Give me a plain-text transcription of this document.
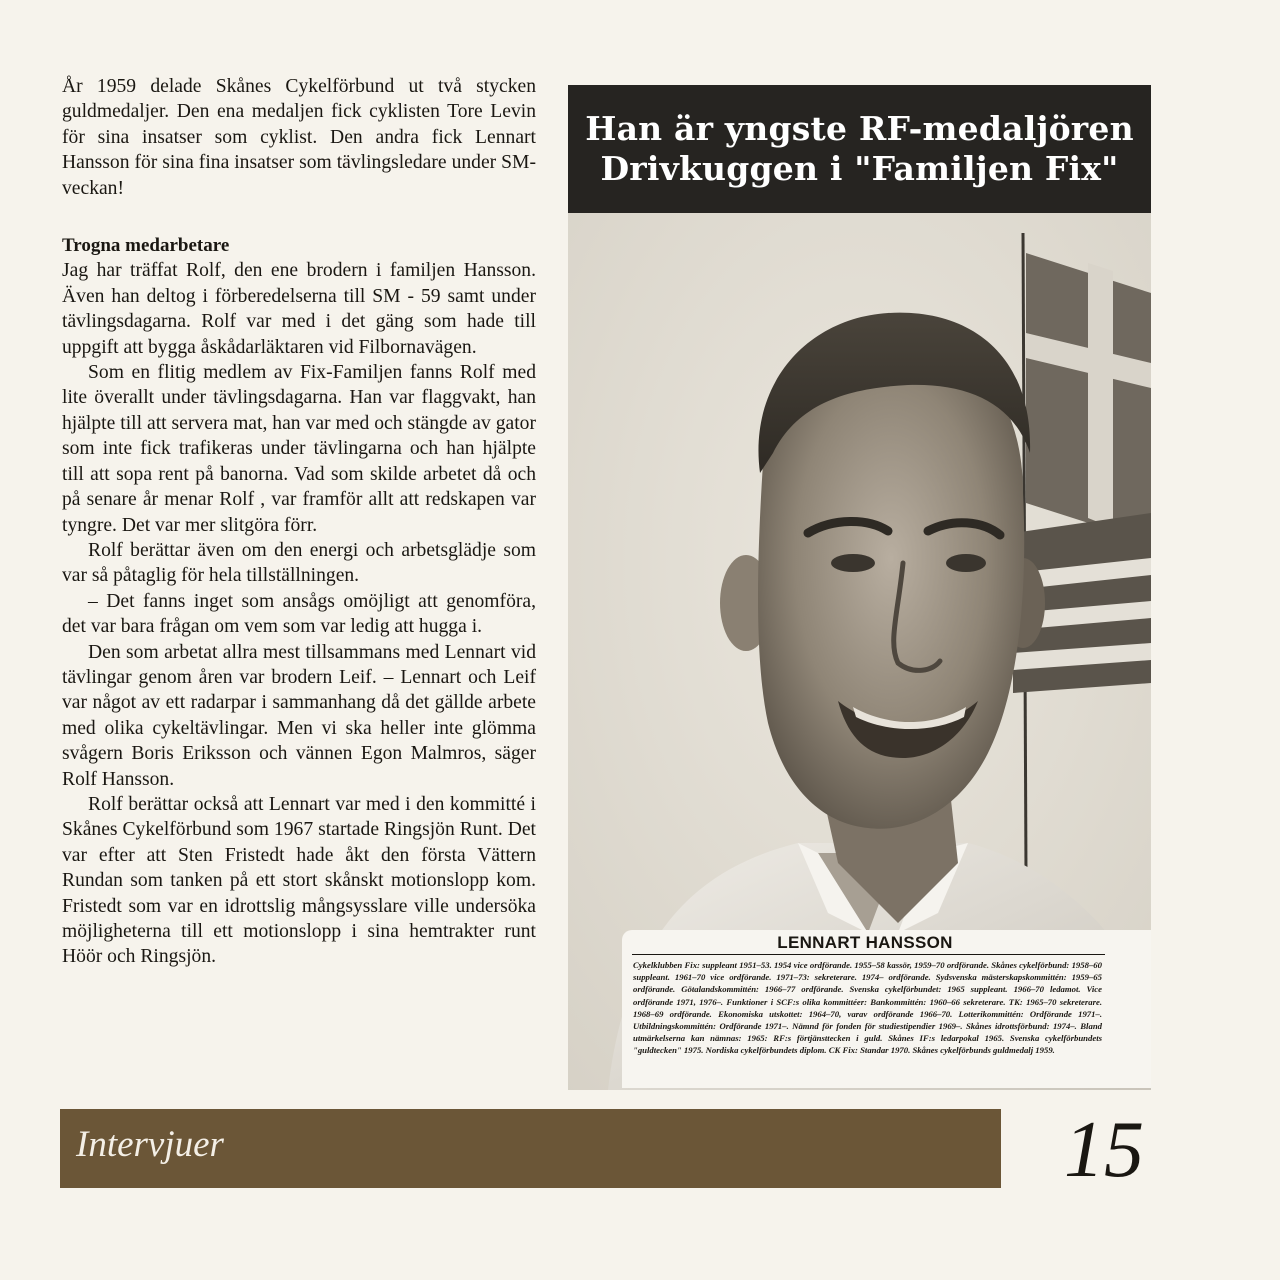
År 1959 delade Skånes Cykelförbund ut två stycken guldmedaljer. Den ena medaljen fick cyklisten Tore Levin för sina insatser som cyklist. Den andra fick Lennart Hansson för sina fina insatser som tävlingsledare under SM-veckan!

Trogna medarbetare

Jag har träffat Rolf, den ene brodern i familjen Hansson. Även han deltog i förberedelserna till SM - 59 samt under tävlingsdagarna. Rolf var med i det gäng som hade till uppgift att bygga åskådarläktaren vid Filbornavägen.

Som en flitig medlem av Fix-Familjen fanns Rolf med lite överallt under tävlingsdagarna. Han var flaggvakt, han hjälpte till att servera mat, han var med och stängde av gator som inte fick trafikeras under tävlingarna och han hjälpte till att sopa rent på banorna. Vad som skilde arbetet då och på senare år menar Rolf , var framför allt att redskapen var tyngre. Det var mer slitgöra förr.

Rolf berättar även om den energi och arbetsglädje som var så påtaglig för hela tillställningen.

– Det fanns inget som ansågs omöjligt att genomföra, det var bara frågan om vem som var ledig att hugga i.

Den som arbetat allra mest tillsammans med Lennart vid tävlingar genom åren var brodern Leif. – Lennart och Leif var något av ett radarpar i sammanhang då det gällde arbete med olika cykeltävlingar. Men vi ska heller inte glömma svågern Boris Eriksson och vännen Egon Malmros, säger Rolf Hansson.

Rolf berättar också att Lennart var med i den kommitté i Skånes Cykelförbund som 1967 startade Ringsjön Runt. Det var efter att Sten Fristedt hade åkt den första Vättern Rundan som tanken på ett stort skånskt motionslopp kom. Fristedt som var en idrottslig mångsysslare ville undersöka möjligheterna till ett motionslopp i sina hemtrakter runt Höör och Ringsjön.

Han är yngste RF-medaljören
Drivkuggen i "Familjen Fix"
LENNART HANSSON
Cykelklubben Fix: suppleant 1951–53. 1954 vice ordförande. 1955–58 kassör, 1959–70 ordförande. Skånes cykelförbund: 1958–60 suppleant. 1961–70 vice ordförande. 1971–73: sekreterare. 1974– ordförande. Sydsvenska mästerskapskommittén: 1959–65 ordförande. Götalandskommittén: 1966–77 ordförande. Svenska cykelförbundet: 1965 suppleant. 1966–70 ledamot. Vice ordförande 1971, 1976–. Funktioner i SCF:s olika kommittéer: Bankommittén: 1960–66 sekreterare. TK: 1965–70 sekreterare. 1968–69 ordförande. Ekonomiska utskottet: 1964–70, varav ordförande 1966–70. Lotterikommittén: Ordförande 1971–. Utbildningskommittén: Ordförande 1971–. Nämnd för fonden för studiestipendier 1969–. Skånes idrottsförbund: 1974–. Bland utmärkelserna kan nämnas: 1965: RF:s förtjänsttecken i guld. Skånes IF:s ledarpokal 1965. Svenska cykelförbundets "guldtecken" 1975. Nordiska cykelförbundets diplom. CK Fix: Standar 1970. Skånes cykelförbunds guldmedalj 1959.
Intervjuer	15
